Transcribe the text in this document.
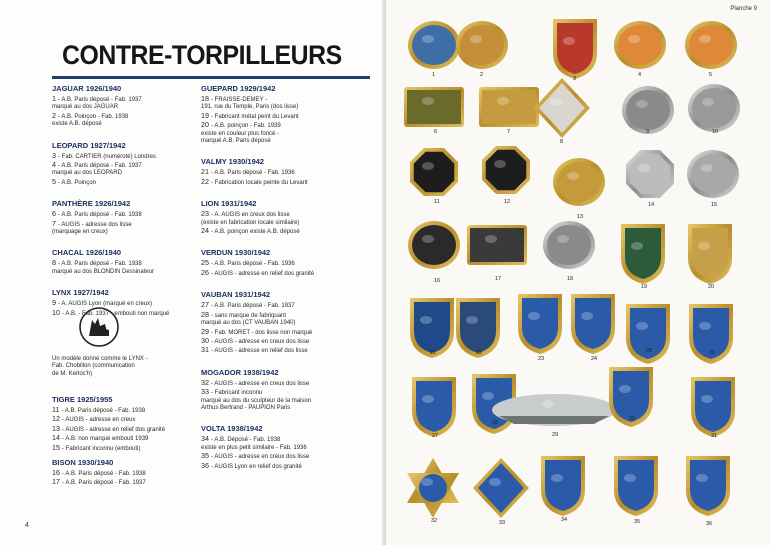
CONTRE-TORPILLEURS
JAGUAR 1926/1940
1 - A.B. Paris déposé - Fab. 1937
marqué au dos JAGUAR
2 - A.B. Poinçon - Fab. 1938
existe A.B. déposé
LEOPARD 1927/1942
3 - Fab. CARTIER (numéroté) Londres
4 - A.B. Paris déposé - Fab. 1937
marqué au dos LEOPARD
5 - A.B. Poinçon
PANTHÈRE 1926/1942
6 - A.B. Paris déposé - Fab. 1938
7 - AUGIS - adresse dos lisse
(marquage en creux)
CHACAL 1926/1940
8 - A.B. Paris déposé - Fab. 1938
marqué au dos BLONDIN Dessinateur
LYNX 1927/1942
9 - A. AUGIS Lyon (marqué en creux)
10 - A.B. - Fab. 1937 - embouti non marqué
GUEPARD 1929/1942
18 - FRAISSE-DEMEY -
191, rue du Temple, Paris (dos lisse)
19 - Fabricant métal peint du Levant
20 - A.B. poinçon - Fab. 1939
existe en couleur plus foncé -
marqué A.B. Paris déposé
VALMY 1930/1942
21 - A.B. Paris déposé - Fab. 1936
22 - Fabrication locale peinte du Levant
LION 1931/1942
23 - A. AUGIS en creux dos lisse
(existe en fabrication locale similaire)
24 - A.B. poinçon existe A.B. déposé
VERDUN 1930/1942
25 - A.B. Paris déposé - Fab. 1936
26 - AUGIS - adresse en relief dos granité
VAUBAN 1931/1942
27 - A.B. Paris déposé - Fab. 1937
28 - sans marque de fabriquant
marqué au dos (CT VAUBAN 1940)
29 - Fab. MORET - dos lisse non marqué
30 - AUGIS - adresse en creux dos lisse
31 - AUGIS - adresse en relief dos lisse
MOGADOR 1938/1942
32 - AUGIS - adresse en creux dos lisse
33 - Fabricant inconnu
marqué au dos du sculpteur de la maison
Arthus Bertrand - PAUPION Paris
VOLTA 1938/1942
34 - A.B. Déposé - Fab. 1938
existe en plus petit similaire - Fab. 1936
35 - AUGIS - adresse en creux dos lisse
36 - AUGIS Lyon en relief dos granité
Un modèle donné comme le LYNX -
Fab. Chobillon (communication
de M. Kerloc'h)
TIGRE 1925/1955
11 - A.B. Paris déposé - Fab. 1938
12 - AUGIS - adresse en creux
13 - AUGIS - adresse en relief dos granité
14 - A.B. non marqué embouti 1939
15 - Fabricant inconnu (embouti)
BISON 1930/1940
16 - A.B. Paris déposé - Fab. 1938
17 - A.B. Paris déposé - Fab. 1937
4
Planche 9
1	2
3
4	5
6	7
8
9	10
11	12
13
14	15
16	17	18
19	20
21	22
23	24
25	26
27
28
29
30
31
32	33	34	35	36
